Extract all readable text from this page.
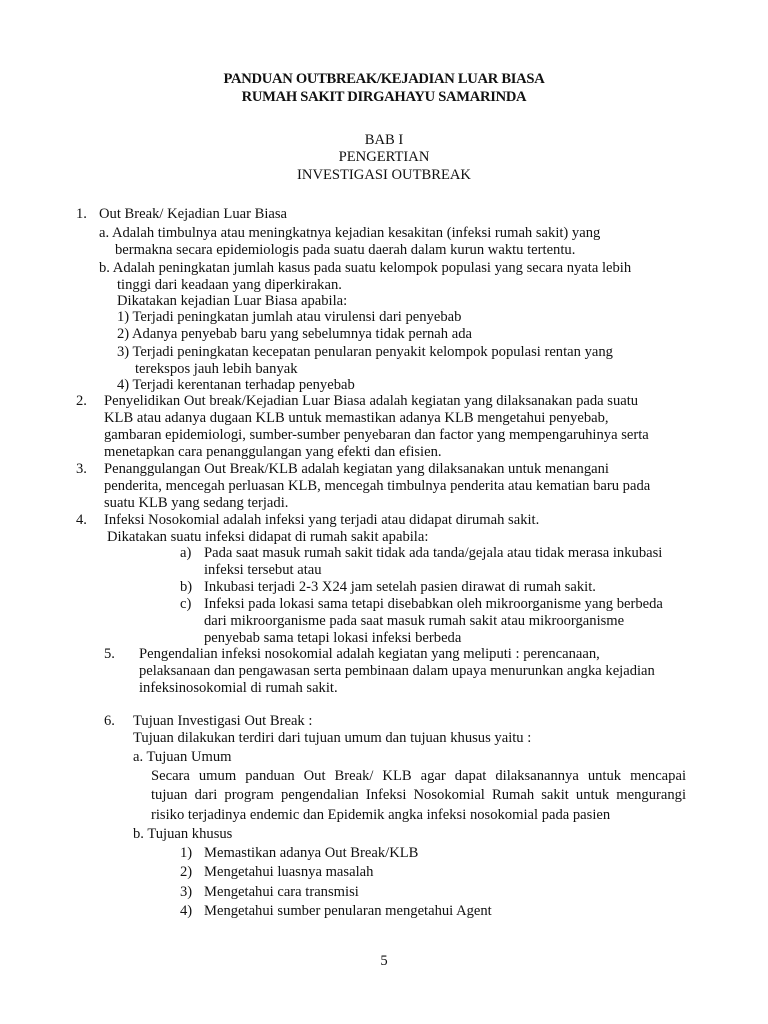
PANDUAN OUTBREAK/KEJADIAN LUAR BIASA
RUMAH SAKIT DIRGAHAYU SAMARINDA
BAB I
PENGERTIAN
INVESTIGASI OUTBREAK
1. Out Break/ Kejadian Luar Biasa
a. Adalah timbulnya atau meningkatnya kejadian kesakitan (infeksi rumah sakit) yang
bermakna secara epidemiologis pada suatu daerah dalam kurun waktu tertentu.
b. Adalah peningkatan jumlah kasus pada suatu kelompok populasi yang secara nyata lebih
tinggi dari keadaan yang diperkirakan.
Dikatakan kejadian Luar Biasa apabila:
1) Terjadi peningkatan jumlah atau virulensi dari penyebab
2) Adanya penyebab baru yang sebelumnya tidak pernah ada
3) Terjadi peningkatan kecepatan penularan penyakit kelompok populasi rentan yang
terekspos jauh lebih banyak
4) Terjadi kerentanan terhadap penyebab
2. Penyelidikan Out break/Kejadian Luar Biasa adalah kegiatan yang dilaksanakan pada suatu
KLB atau adanya dugaan KLB untuk memastikan adanya KLB mengetahui penyebab,
gambaran epidemiologi, sumber-sumber penyebaran dan factor yang mempengaruhinya serta
menetapkan cara penanggulangan yang efekti dan efisien.
3. Penanggulangan Out Break/KLB adalah kegiatan yang dilaksanakan untuk menangani
penderita, mencegah perluasan KLB, mencegah timbulnya penderita atau kematian baru pada
suatu KLB yang sedang terjadi.
4. Infeksi Nosokomial adalah infeksi yang terjadi atau didapat dirumah sakit.
Dikatakan suatu infeksi didapat di rumah sakit apabila:
a) Pada saat masuk rumah sakit tidak ada tanda/gejala atau tidak merasa inkubasi
infeksi tersebut atau
b) Inkubasi terjadi 2-3 X24 jam setelah pasien dirawat di rumah sakit.
c) Infeksi pada lokasi sama tetapi disebabkan oleh mikroorganisme yang berbeda
dari mikroorganisme pada saat masuk rumah sakit atau mikroorganisme
penyebab sama tetapi lokasi infeksi berbeda
5. Pengendalian infeksi nosokomial adalah kegiatan yang meliputi : perencanaan,
pelaksanaan dan pengawasan serta pembinaan dalam upaya menurunkan angka kejadian
infeksinosokomial di rumah sakit.
6. Tujuan Investigasi Out Break :
Tujuan dilakukan terdiri dari tujuan umum dan tujuan khusus yaitu :
a. Tujuan Umum
Secara umum panduan Out Break/ KLB agar dapat dilaksanannya untuk mencapai
tujuan dari program pengendalian Infeksi Nosokomial Rumah sakit untuk mengurangi
risiko terjadinya endemic dan Epidemik angka infeksi nosokomial pada pasien
b. Tujuan khusus
1) Memastikan adanya Out Break/KLB
2) Mengetahui luasnya masalah
3) Mengetahui cara transmisi
4) Mengetahui sumber penularan mengetahui Agent
5
